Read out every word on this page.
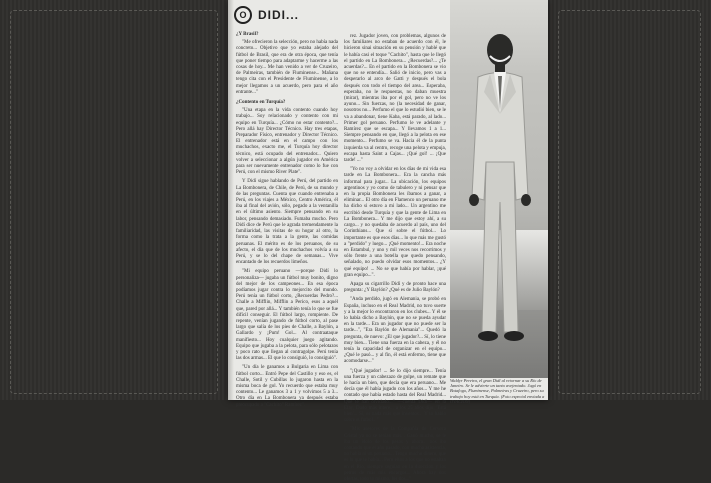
O DIDI...

¿Y Brasil?

"Me ofrecieron la selección, pero no había nada concreto... Objetivo que yo estaba alejado del fútbol de Brasil, que era de otra época, que tenía que poner tiempo para adaptarme y hacerme a las cosas de hoy... Me han venido a ver de Cruzeiro, de Palmeiras, también de Fluminense... Mañana tengo cita con el Presidente de Fluminense, a lo mejor llegamos a un acuerdo, pero para el año entrante..."

¿Contento en Turquía?

"Una etapa en la vida contento cuando hoy trabajo... Soy relacionado y contento con mi equipo en Turquía... ¿Cómo no estar contento?... Pero allá hay Director Técnico. Hay tres etapas, Preparador Físico, entrenador y Director Técnico. El entrenador está en el campo con los muchachos, exacto me, el Turquía hoy director técnico, está ocupado del entrenador... Quiero volver a seleccionar a algún jugador en América para ser nuevamente entrenador como lo fue con Perú, con el mismo River Plate".

Y Didí sigue hablando de Perú, del partido en La Bombonera, de Chile, de Perú, de su mundo y de las preguntas. Cuenta que cuando entrenaba a Perú, en los viajes a México, Centro América, él iba al final del avión, sólo, pegado a la ventanilla en el último asiento. Siempre pensando en su labor, pensando demasiado. Fumaba mucho. Pero Didí dice de Perú que le agrada tremendamente la familiaridad, las visitas de su hogar al otro, la forma como la trata a la gente, las comidas peruanas. El mérito es de los peruanos, de su afecto, el día que de los muchachos volvía a su Perú, y se lo del chape de semanas... Vive encantado de los recuerdos limeños.

"Mi equipo peruano —porque Didí lo personaliza— jugaba un fútbol muy bonito, digno del mejor de los campeones... En esa época podíamos jugar contra lo mejorcito del mundo. Perú tenía un fútbol corto, ¿Recuerdas Pedro?... Challe a Mifflin, Mifflin a Perico, esos a aquél que, pared por allá... Y también tenía lo que se fue difícil conseguir. El fútbol largo, rompiente. De repente, venían jugando de fútbol corto, al pase largo que salía de los pies de Challe, a Baylón, a Gallardo y ¡Pum! Gol... Al contraataque manifiesto... Hoy cualquier juego agitando. Equipo que jugaba a la pelota, para sólo pelotazos y poco rato que llegan al contragolpe. Perú tenía las dos armas... El que lo consiguió, lo consiguió".

"Un día le ganamos a Bulgaria en Lima con fútbol corto... Entró Pepe del Castillo y eso es, el Challe, Sotil y Cubillas lo jugaron hasta en la misma boca de gol. Yo recuerdo que estaba muy contento... Le ganamos 3 a 1 y volvimos 5 a 3... Otro día en La Bombonera ya después estaba preocupado a "Cachito" Ramírez".

rez. Jugador joven, con problemas, algunos de los familiares no estaban de acuerdo con él, le hicieron sinai situación en su pensión y hablé que le había casi el toque "Cachito", hasta que le llegó el partido en La Bombonera... ¿Recuerdas?... ¿Te acuerdas?... En el partido en la Bombonera se vio que no se entendía... Salió de inicio, pero vas a desperarlo al arco de Gatti y después el bola después con todo el tiempo del area... Esperaba, esperaba, no le respuestas, no daban muestra (mirar), mientras iba por el gol, pero no ve los ayuno... Sin fuerzas, no (la necesidad de ganar, nosotros no... Perfumo el que lo estudió bien, se le va a abandonar, tiene Kaba, está parado, al lado... Primer gol peruano. Perfumo le ve adelante y Ramírez que se escapa... Y llevamos 1 a 1... Siempre pensando en que, llegó a la pelota en ese momento... Perfumo se va. Hacia él de la punta izquierda va al centro, recoge una pelota y empuja, escapa hasta Saint a Cajas... ¡Qué gol! ... ¡Que tarde! ..."

"Yo no voy a olvidar en los días de mi vida esa tarde en La Bombonera... Era la cancha más informal para jugar... La ubicación, los equipos argentinos y yo como de tabulero y ni pensar que en la propia Bombonera les íbamos a ganar, a eliminar... El otro día en Flamenco un peruano me ha dicho si estuvo a mi lado... Un argentino me escribió desde Turquía y que la gente de Lima en La Bombonera... Y me dijo que estoy ahí, a su cargo... y no quedaba de acuerdo al país, uno del Corinthians... Que sí sobre el fútbol... Lo importante es que esos días... lo que más me gustó a "perdido" y luego... ¡Qué momento!... Era noche en Estambul, y uno y mil veces nos recorrimos y sólo frente a una botella que quedo pensando, señalado, no puedo olvidar esos momentos... ¿Y qué equipo! ... No se que había por hablar, ¡qué gran equipo...".

Apaga su cigarrillo Didí y de pronto hace una pregunta: ¿Y Baylón? ¿Qué es de Julio Baylón?

"Anda perdido, jugó en Alemania, se probó en España, incluso en el Real Madrid, no tuvo suerte y a la mejor lo encontraron en los clubes... Y él se lo había dicho a Baylón, que no se pueda ayudar en la tarde... Era un jugador que no puede ser la tarde...", "Era Baylón de Alemania"... Quedó la pregunta, de nuevo: ¿El que jugador?... Sí, lo tiene muy bien... Tiene una fuerza en la cabeza, y él no tenía la capacidad de organizar en el equipo... ¿Qué le pasó... y al fin, él está enfermo, tiene que acomodarse..."

"¡Qué jugador! ... Se lo dijo siempre... Tenía una fuerza y un cabezazo de golpe, un remate que le hacía un bien, que decía que era peruano... Me decía que él había jugado con los años... Y me he contado que había estado hasta del Real Madrid... Que le han olvidado..." —cuenta Didí— en la Elay, Dado más intere... a los 25 años dijo, 'Está bien'... Sí, es nada más que inventos... Y lo hablo sobre el fútbol..."

"Mis asesores de la Compañía de Cerveza Cristal ya no se tenían más... Ganó mucho, se le iba un ídolo de los pesos y ahora... nos iba contando que el año pasado, con mucha asistencia, no había ni un peruano... Tengo mucho dinero, que es lo que le había... Pero ellos a los que no estaban en el Rio, siempre seguían en la dirección y los petrus de más mis encargos... Ahora hay dos ofertas, todo lo mismo, los dos..."

Waldyr Pereira, el gran Didí al retornar a su Río de Janeiro. Se le advierte un tanto avejentado. Jugó en Botafogo, Fluminense, Palmeiras y Cruzeiro, pero su trabajo hoy está en Turquía. (Foto especial enviada a OVACION)
